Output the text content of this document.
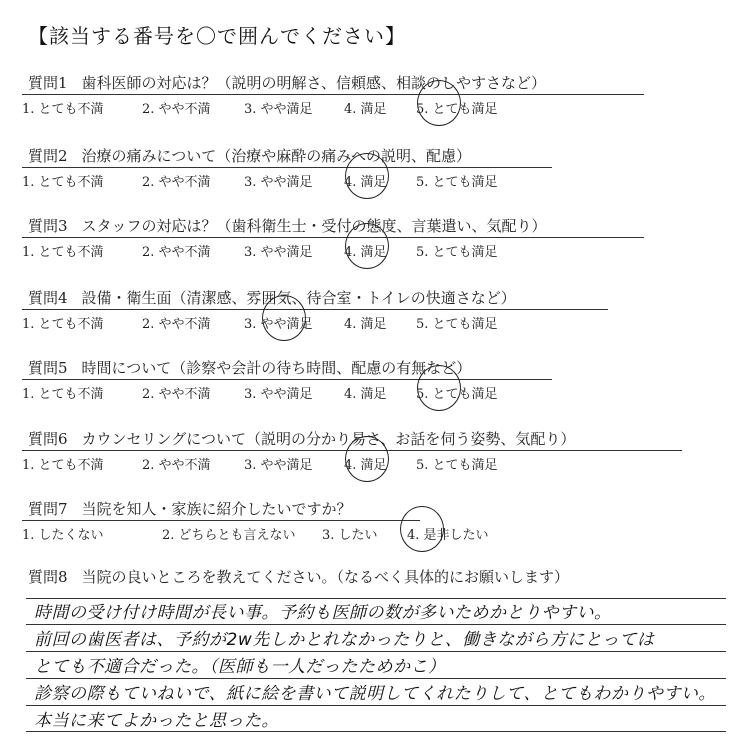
【該当する番号を〇で囲んでください】
質問1 歯科医師の対応は？（説明の明解さ、信頼感、相談のしやすさなど）
1. とても不満	2. やや不満	3. やや満足 4. 満足 5. とても満足
質問2 治療の痛みについて（治療や麻酔の痛みへの説明、配慮）
1. とても不満	2. やや不満	3. やや満足 4. 満足 5. とても満足
質問3 スタッフの対応は？（歯科衛生士・受付の態度、言葉遣い、気配り）
1. とても不満	2. やや不満	3. やや満足 4. 満足 5. とても満足
質問4 設備・衛生面（清潔感、雰囲気、待合室・トイレの快適さなど）
1. とても不満	2. やや不満	3. やや満足 4. 満足 5. とても満足
質問5 時間について（診察や会計の待ち時間、配慮の有無など）
1. とても不満	2. やや不満	3. やや満足 4. 満足 5. とても満足
質問6 カウンセリングについて（説明の分かり易さ、お話を伺う姿勢、気配り）
1. とても不満	2. やや不満	3. やや満足 4. 満足 5. とても満足
質問7 当院を知人・家族に紹介したいですか？
1. したくない	2. どちらとも言えない 3. したい 4. 是非したい
質問8 当院の良いところを教えてください。（なるべく具体的にお願いします）
時間の受け付け時間が長い事。予約も医師の数が多いためかとりやすい。
前回の歯医者は、予約が2w先しかとれなかったりと、働きながら方にとっては
とても不適合だった。（医師も一人だったためかこ）
診察の際もていねいで、紙に絵を書いて説明してくれたりして、とてもわかりやすい。
本当に来てよかったと思った。
